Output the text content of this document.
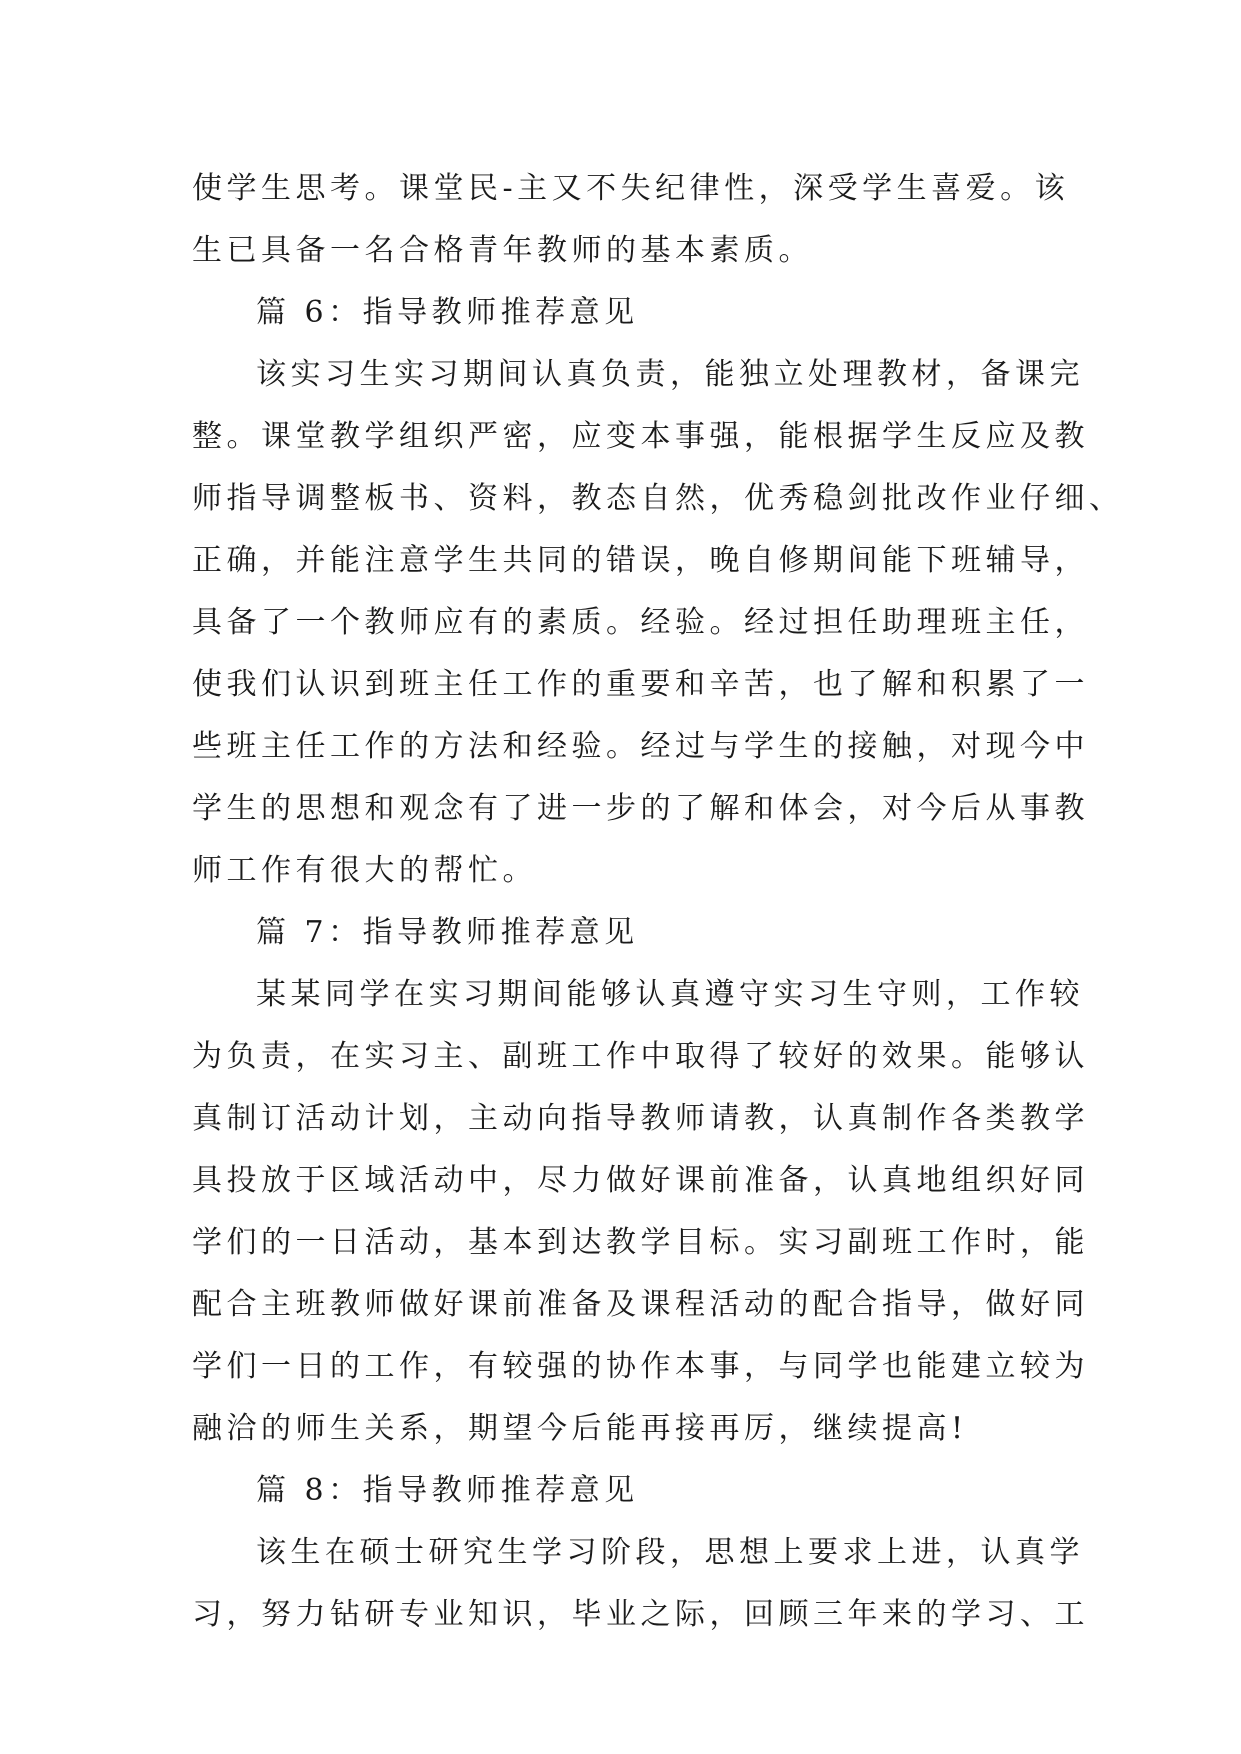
使学生思考。课堂民-主又不失纪律性，深受学生喜爱。该
生已具备一名合格青年教师的基本素质。
篇 6：指导教师推荐意见
该实习生实习期间认真负责，能独立处理教材，备课完
整。课堂教学组织严密，应变本事强，能根据学生反应及教
师指导调整板书、资料，教态自然，优秀稳剑批改作业仔细、
正确，并能注意学生共同的错误，晚自修期间能下班辅导，
具备了一个教师应有的素质。经验。经过担任助理班主任，
使我们认识到班主任工作的重要和辛苦，也了解和积累了一
些班主任工作的方法和经验。经过与学生的接触，对现今中
学生的思想和观念有了进一步的了解和体会，对今后从事教
师工作有很大的帮忙。
篇 7：指导教师推荐意见
某某同学在实习期间能够认真遵守实习生守则，工作较
为负责，在实习主、副班工作中取得了较好的效果。能够认
真制订活动计划，主动向指导教师请教，认真制作各类教学
具投放于区域活动中，尽力做好课前准备，认真地组织好同
学们的一日活动，基本到达教学目标。实习副班工作时，能
配合主班教师做好课前准备及课程活动的配合指导，做好同
学们一日的工作，有较强的协作本事，与同学也能建立较为
融洽的师生关系，期望今后能再接再厉，继续提高!
篇 8：指导教师推荐意见
该生在硕士研究生学习阶段，思想上要求上进，认真学
习，努力钻研专业知识，毕业之际，回顾三年来的学习、工
